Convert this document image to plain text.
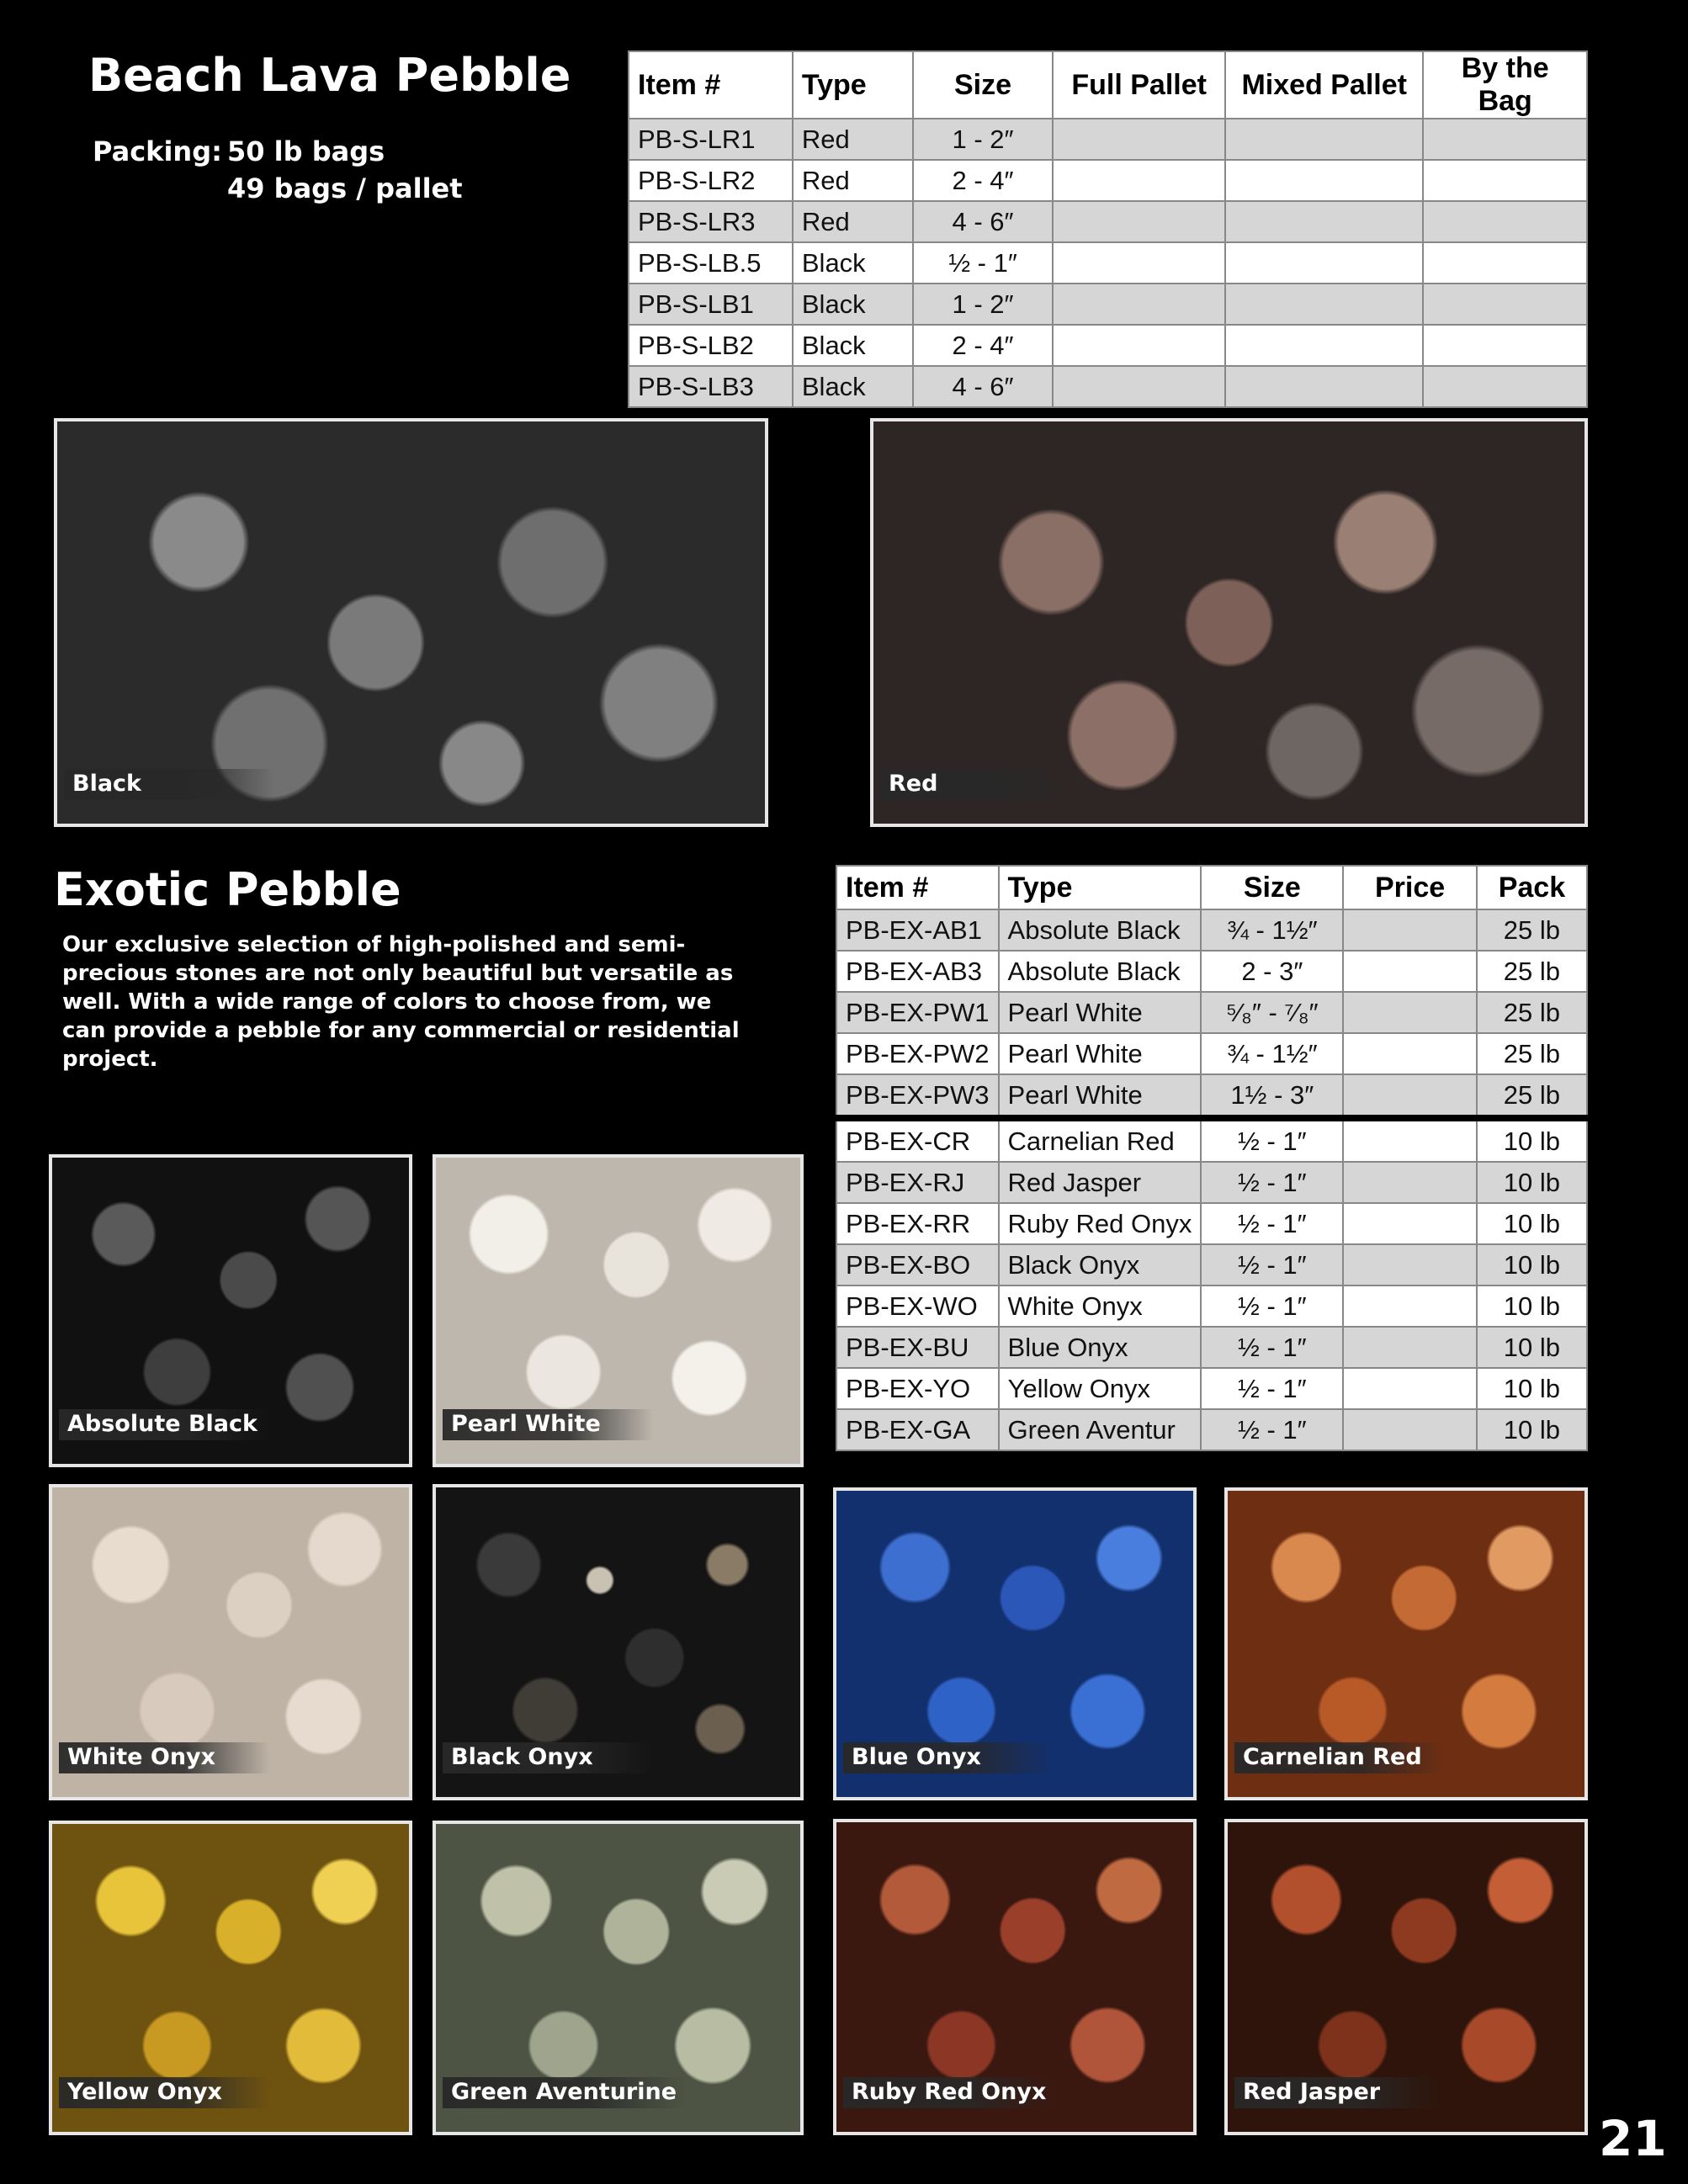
Beach Lava Pebble
Packing: 50 lb bags
49 bags / pallet
Item #	Type	Size	Full Pallet	Mixed Pallet	By the Bag
PB-S-LR1	Red	1 - 2″			
PB-S-LR2	Red	2 - 4″			
PB-S-LR3	Red	4 - 6″			
PB-S-LB.5	Black	½ - 1″			
PB-S-LB1	Black	1 - 2″			
PB-S-LB2	Black	2 - 4″			
PB-S-LB3	Black	4 - 6″			
Black	Red
Exotic Pebble
Our exclusive selection of high-polished and semi-precious stones are not only beautiful but versatile as well. With a wide range of colors to choose from, we can provide a pebble for any commercial or residential project.
Item #	Type	Size	Price	Pack
PB-EX-AB1	Absolute Black	¾ - 1½″		25 lb
PB-EX-AB3	Absolute Black	2 - 3″		25 lb
PB-EX-PW1	Pearl White	⁵⁄₈″ - ⁷⁄₈″		25 lb
PB-EX-PW2	Pearl White	¾ - 1½″		25 lb
PB-EX-PW3	Pearl White	1½ - 3″		25 lb
PB-EX-CR	Carnelian Red	½ - 1″		10 lb
PB-EX-RJ	Red Jasper	½ - 1″		10 lb
PB-EX-RR	Ruby Red Onyx	½ - 1″		10 lb
PB-EX-BO	Black Onyx	½ - 1″		10 lb
PB-EX-WO	White Onyx	½ - 1″		10 lb
PB-EX-BU	Blue Onyx	½ - 1″		10 lb
PB-EX-YO	Yellow Onyx	½ - 1″		10 lb
PB-EX-GA	Green Aventur	½ - 1″		10 lb
Absolute Black	Pearl White
White Onyx	Black Onyx	Blue Onyx	Carnelian Red
Yellow Onyx	Green Aventurine	Ruby Red Onyx	Red Jasper
21
